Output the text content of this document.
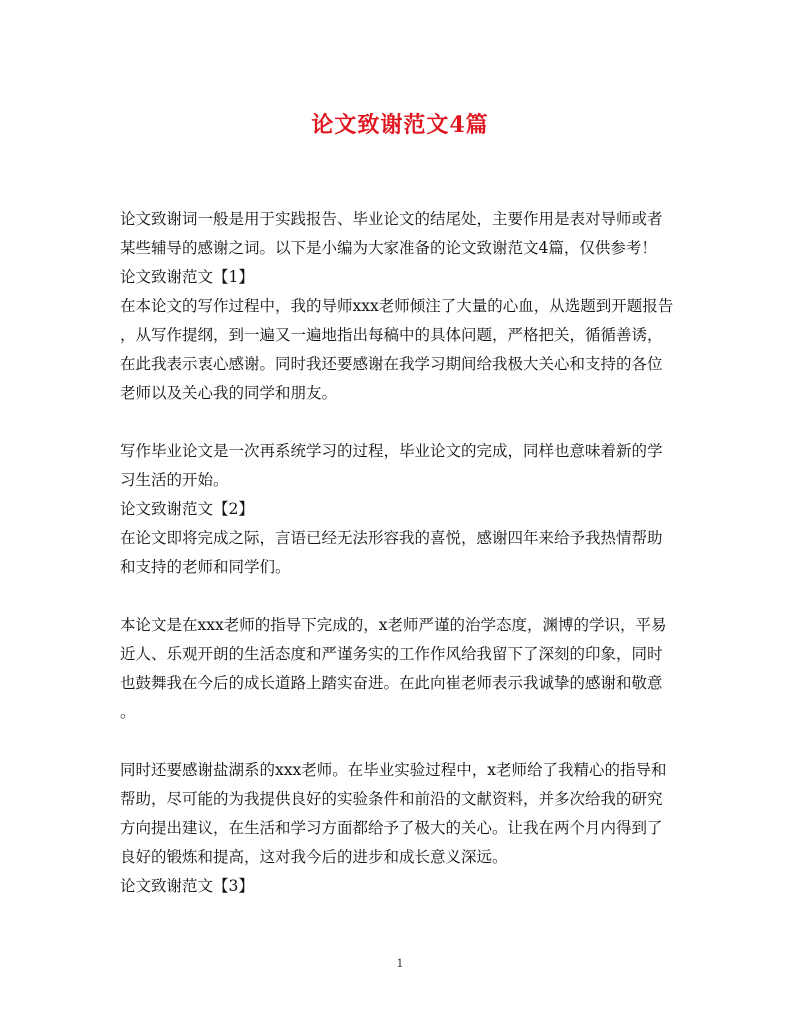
论文致谢范文4篇
论文致谢词一般是用于实践报告、毕业论文的结尾处，主要作用是表对导师或者
某些辅导的感谢之词。以下是小编为大家准备的论文致谢范文4篇，仅供参考！
论文致谢范文【1】
在本论文的写作过程中，我的导师xxx老师倾注了大量的心血，从选题到开题报告
，从写作提纲，到一遍又一遍地指出每稿中的具体问题，严格把关，循循善诱，
在此我表示衷心感谢。同时我还要感谢在我学习期间给我极大关心和支持的各位
老师以及关心我的同学和朋友。
写作毕业论文是一次再系统学习的过程，毕业论文的完成，同样也意味着新的学
习生活的开始。
论文致谢范文【2】
在论文即将完成之际，言语已经无法形容我的喜悦，感谢四年来给予我热情帮助
和支持的老师和同学们。
本论文是在xxx老师的指导下完成的，x老师严谨的治学态度，渊博的学识，平易
近人、乐观开朗的生活态度和严谨务实的工作作风给我留下了深刻的印象，同时
也鼓舞我在今后的成长道路上踏实奋进。在此向崔老师表示我诚挚的感谢和敬意
。
同时还要感谢盐湖系的xxx老师。在毕业实验过程中，x老师给了我精心的指导和
帮助，尽可能的为我提供良好的实验条件和前沿的文献资料，并多次给我的研究
方向提出建议，在生活和学习方面都给予了极大的关心。让我在两个月内得到了
良好的锻炼和提高，这对我今后的进步和成长意义深远。
论文致谢范文【3】
1
